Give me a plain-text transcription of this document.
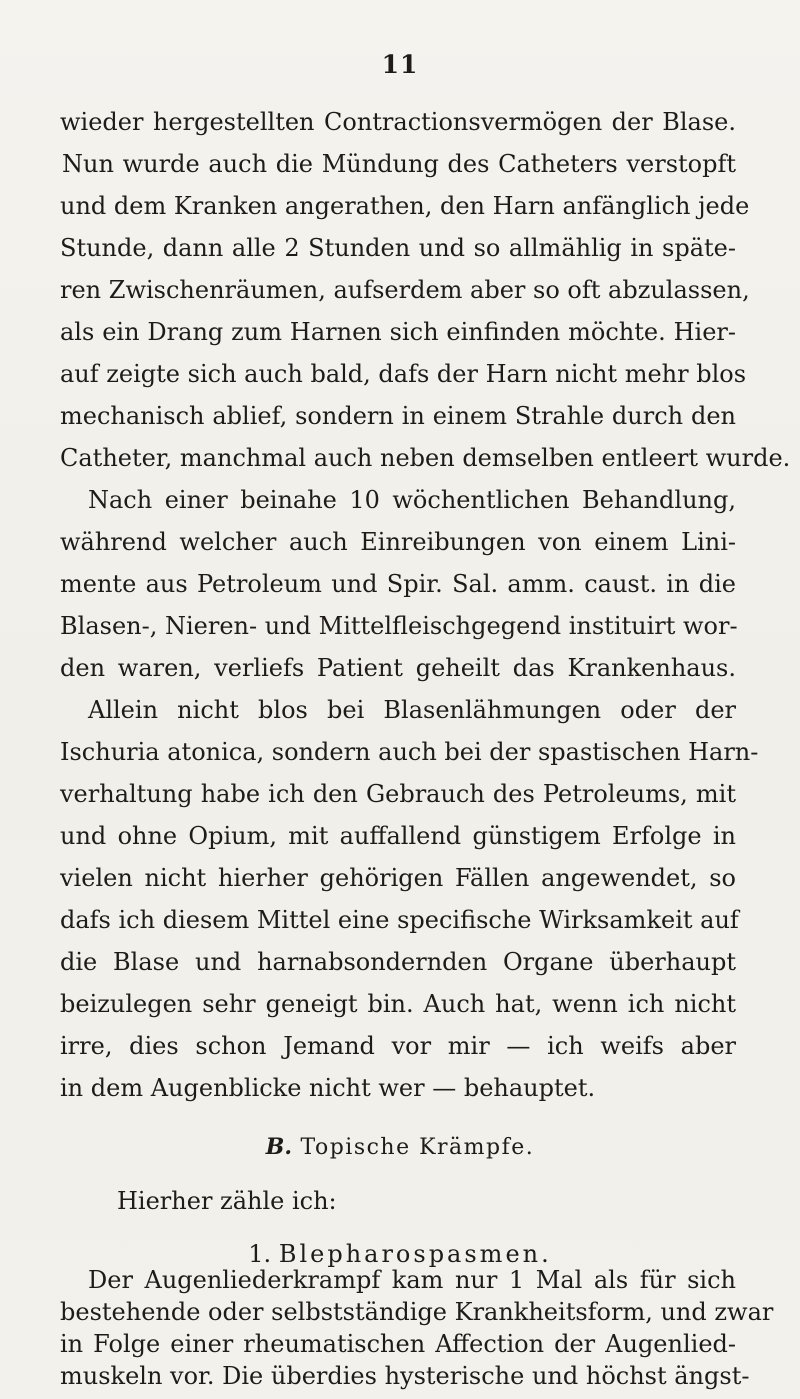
11
wieder hergestellten Contractionsvermögen der Blase.
Nun wurde auch die Mündung des Catheters verstopft
und dem Kranken angerathen, den Harn anfänglich jede
Stunde, dann alle 2 Stunden und so allmählig in späte-
ren Zwischenräumen, aufserdem aber so oft abzulassen,
als ein Drang zum Harnen sich einfinden möchte. Hier-
auf zeigte sich auch bald, dafs der Harn nicht mehr blos
mechanisch ablief, sondern in einem Strahle durch den
Catheter, manchmal auch neben demselben entleert wurde.
Nach einer beinahe 10 wöchentlichen Behandlung,
während welcher auch Einreibungen von einem Lini-
mente aus Petroleum und Spir. Sal. amm. caust. in die
Blasen-, Nieren- und Mittelfleischgegend instituirt wor-
den waren, verliefs Patient geheilt das Krankenhaus.
Allein nicht blos bei Blasenlähmungen oder der
Ischuria atonica, sondern auch bei der spastischen Harn-
verhaltung habe ich den Gebrauch des Petroleums, mit
und ohne Opium, mit auffallend günstigem Erfolge in
vielen nicht hierher gehörigen Fällen angewendet, so
dafs ich diesem Mittel eine specifische Wirksamkeit auf
die Blase und harnabsondernden Organe überhaupt
beizulegen sehr geneigt bin. Auch hat, wenn ich nicht
irre, dies schon Jemand vor mir — ich weifs aber
in dem Augenblicke nicht wer — behauptet.
B. Topische Krämpfe.
Hierher zähle ich:
1. Blepharospasmen.
Der Augenliederkrampf kam nur 1 Mal als für sich
bestehende oder selbstständige Krankheitsform, und zwar
in Folge einer rheumatischen Affection der Augenlied-
muskeln vor. Die überdies hysterische und höchst ängst-
